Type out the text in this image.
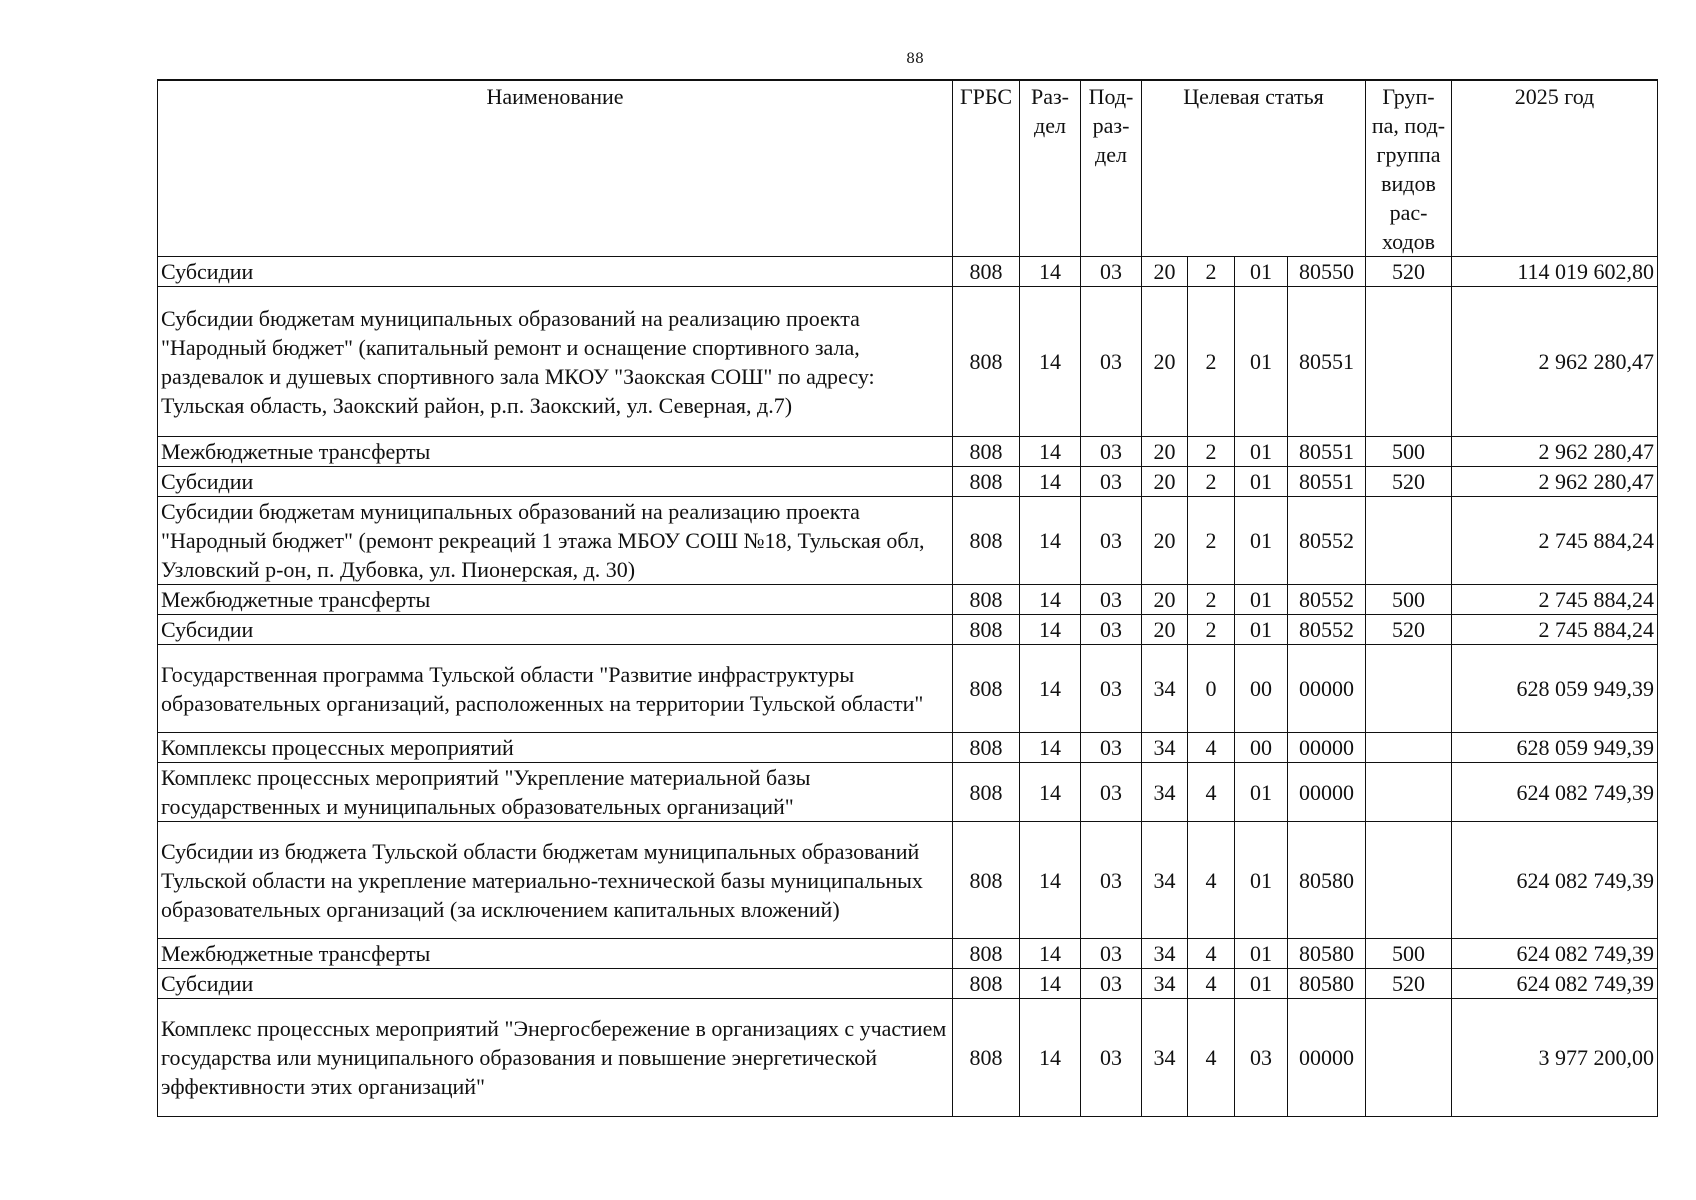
88
Наименование	ГРБС	Раз-дел	Под-раз-дел	Целевая статья				Груп-па, под-группа видов рас-ходов	2025 год
Субсидии	808	14	03	20	2	01	80550	520	114 019 602,80
Субсидии бюджетам муниципальных образований на реализацию проекта "Народный бюджет" (капитальный ремонт и оснащение спортивного зала, раздевалок и душевых спортивного зала МКОУ "Заокская СОШ" по адресу: Тульская область, Заокский район, р.п. Заокский, ул. Северная, д.7)	808	14	03	20	2	01	80551		2 962 280,47
Межбюджетные трансферты	808	14	03	20	2	01	80551	500	2 962 280,47
Субсидии	808	14	03	20	2	01	80551	520	2 962 280,47
Субсидии бюджетам муниципальных образований на реализацию проекта "Народный бюджет" (ремонт рекреаций 1 этажа МБОУ СОШ №18, Тульская обл, Узловский р-он, п. Дубовка, ул. Пионерская, д. 30)	808	14	03	20	2	01	80552		2 745 884,24
Межбюджетные трансферты	808	14	03	20	2	01	80552	500	2 745 884,24
Субсидии	808	14	03	20	2	01	80552	520	2 745 884,24
Государственная программа Тульской области "Развитие инфраструктуры образовательных организаций, расположенных на территории Тульской области"	808	14	03	34	0	00	00000		628 059 949,39
Комплексы процессных мероприятий	808	14	03	34	4	00	00000		628 059 949,39
Комплекс процессных мероприятий "Укрепление материальной базы государственных и муниципальных образовательных организаций"	808	14	03	34	4	01	00000		624 082 749,39
Субсидии из бюджета Тульской области бюджетам муниципальных образований Тульской области на укрепление материально-технической базы муниципальных образовательных организаций (за исключением капитальных вложений)	808	14	03	34	4	01	80580		624 082 749,39
Межбюджетные трансферты	808	14	03	34	4	01	80580	500	624 082 749,39
Субсидии	808	14	03	34	4	01	80580	520	624 082 749,39
Комплекс процессных мероприятий "Энергосбережение в организациях с участием государства или муниципального образования и повышение энергетической эффективности этих организаций"	808	14	03	34	4	03	00000		3 977 200,00
